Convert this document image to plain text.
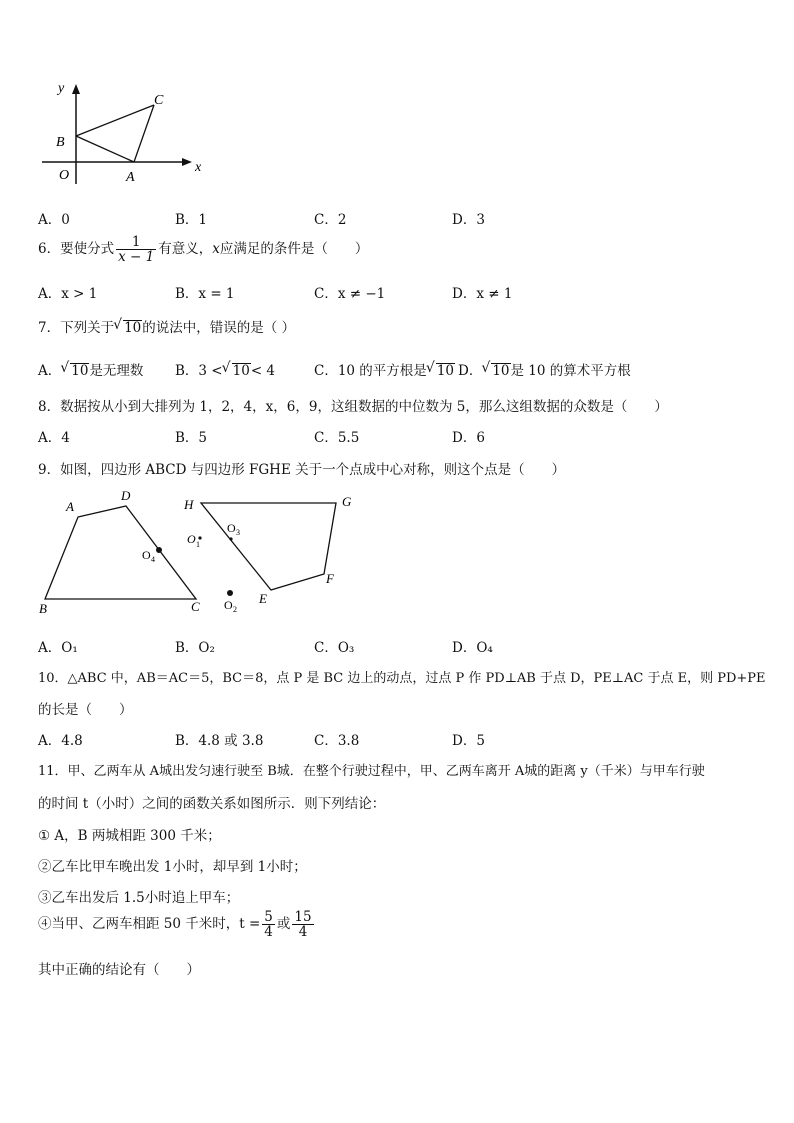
y
x
C
B
O	A
A．0	B．1	C．2	D．3
6．要使分式 $\frac{1}{x - 1}$ 有意义，x应满足的条件是（　　）
A．x > 1	B．x = 1	C．x ≠ −1	D．x ≠ 1
7．下列关于 √ 10的说法中，错误的是（ ）
A． √ 10是无理数 B．3 < √ 10< 4	C．10 的平方根是 √ 10 D． √ 10是 10 的算术平方根
8．数据按从小到大排列为 1，2，4，x，6，9，这组数据的中位数为 5，那么这组数据的众数是（　　）
A．4	B．5	C．5.5	D．6
9．如图，四边形 ABCD 与四边形 FGHE 关于一个点成中心对称，则这个点是（　　）
A
D
B	C
O 4
O 1
O 2
O 3
H	G
F
E
A．O₁	B．O₂	C．O₃	D．O₄
10．△ABC 中，AB＝AC＝5，BC＝8，点 P 是 BC 边上的动点，过点 P 作 PD⊥AB 于点 D，PE⊥AC 于点 E，则 PD+PE
的长是（　　）
A．4.8	B．4.8 或 3.8	C．3.8	D．5
11．甲、乙两车从 A城出发匀速行驶至 B城．在整个行驶过程中，甲、乙两车离开 A城的距离 y（千米）与甲车行驶
的时间 t（小时）之间的函数关系如图所示．则下列结论：
① A，B 两城相距 300 千米；
②乙车比甲车晚出发 1小时，却早到 1小时；
③乙车出发后 1.5小时追上甲车；
④当甲、乙两车相距 50 千米时，$t = \frac{5}{4}$ 或 $\frac{15}{4}$
其中正确的结论有（　　）
